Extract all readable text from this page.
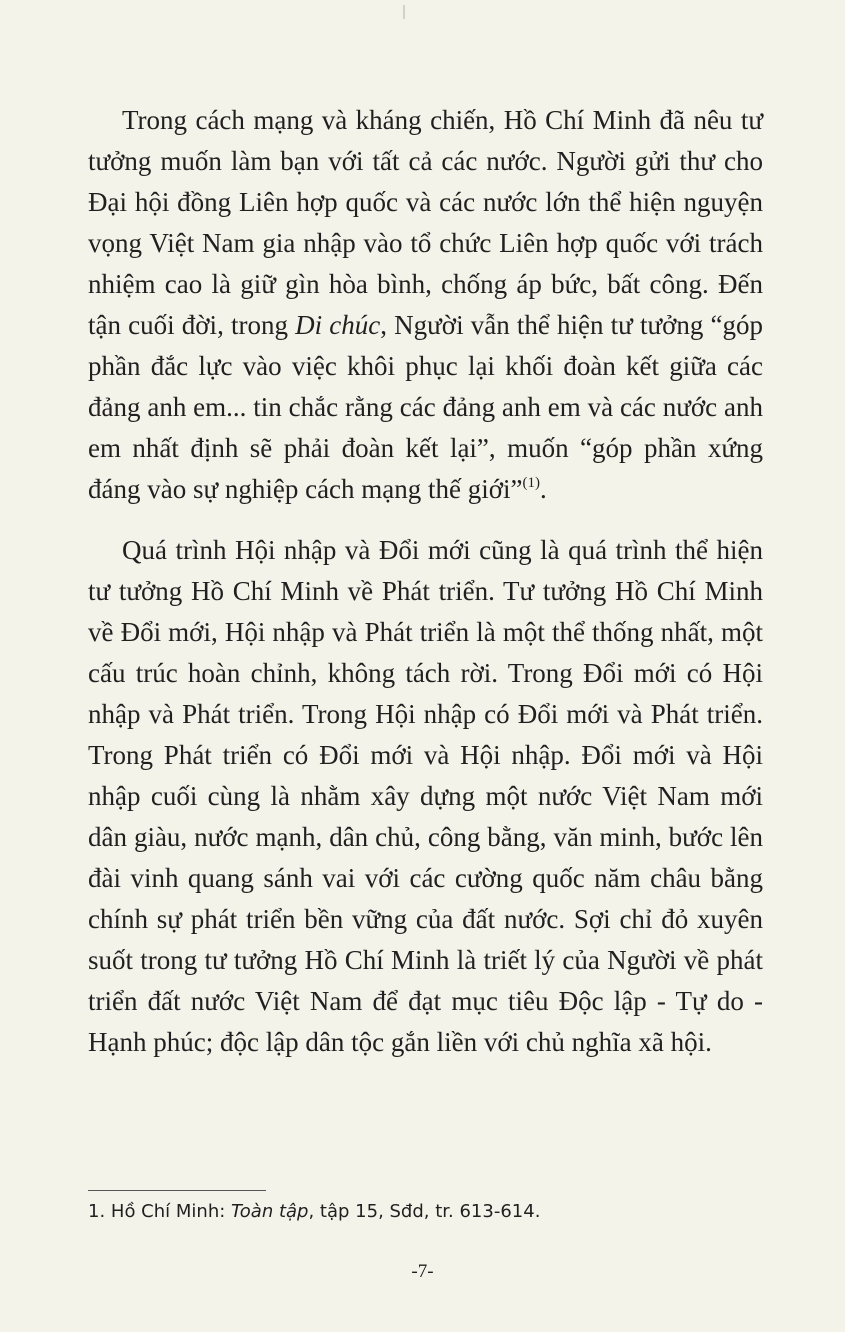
Trong cách mạng và kháng chiến, Hồ Chí Minh đã nêu tư tưởng muốn làm bạn với tất cả các nước. Người gửi thư cho Đại hội đồng Liên hợp quốc và các nước lớn thể hiện nguyện vọng Việt Nam gia nhập vào tổ chức Liên hợp quốc với trách nhiệm cao là giữ gìn hòa bình, chống áp bức, bất công. Đến tận cuối đời, trong Di chúc, Người vẫn thể hiện tư tưởng “góp phần đắc lực vào việc khôi phục lại khối đoàn kết giữa các đảng anh em... tin chắc rằng các đảng anh em và các nước anh em nhất định sẽ phải đoàn kết lại”, muốn “góp phần xứng đáng vào sự nghiệp cách mạng thế giới”$^{(1)}$.

Quá trình Hội nhập và Đổi mới cũng là quá trình thể hiện tư tưởng Hồ Chí Minh về Phát triển. Tư tưởng Hồ Chí Minh về Đổi mới, Hội nhập và Phát triển là một thể thống nhất, một cấu trúc hoàn chỉnh, không tách rời. Trong Đổi mới có Hội nhập và Phát triển. Trong Hội nhập có Đổi mới và Phát triển. Trong Phát triển có Đổi mới và Hội nhập. Đổi mới và Hội nhập cuối cùng là nhằm xây dựng một nước Việt Nam mới dân giàu, nước mạnh, dân chủ, công bằng, văn minh, bước lên đài vinh quang sánh vai với các cường quốc năm châu bằng chính sự phát triển bền vững của đất nước. Sợi chỉ đỏ xuyên suốt trong tư tưởng Hồ Chí Minh là triết lý của Người về phát triển đất nước Việt Nam để đạt mục tiêu Độc lập - Tự do - Hạnh phúc; độc lập dân tộc gắn liền với chủ nghĩa xã hội.

1. Hồ Chí Minh: Toàn tập, tập 15, Sđd, tr. 613-614.
-7-
